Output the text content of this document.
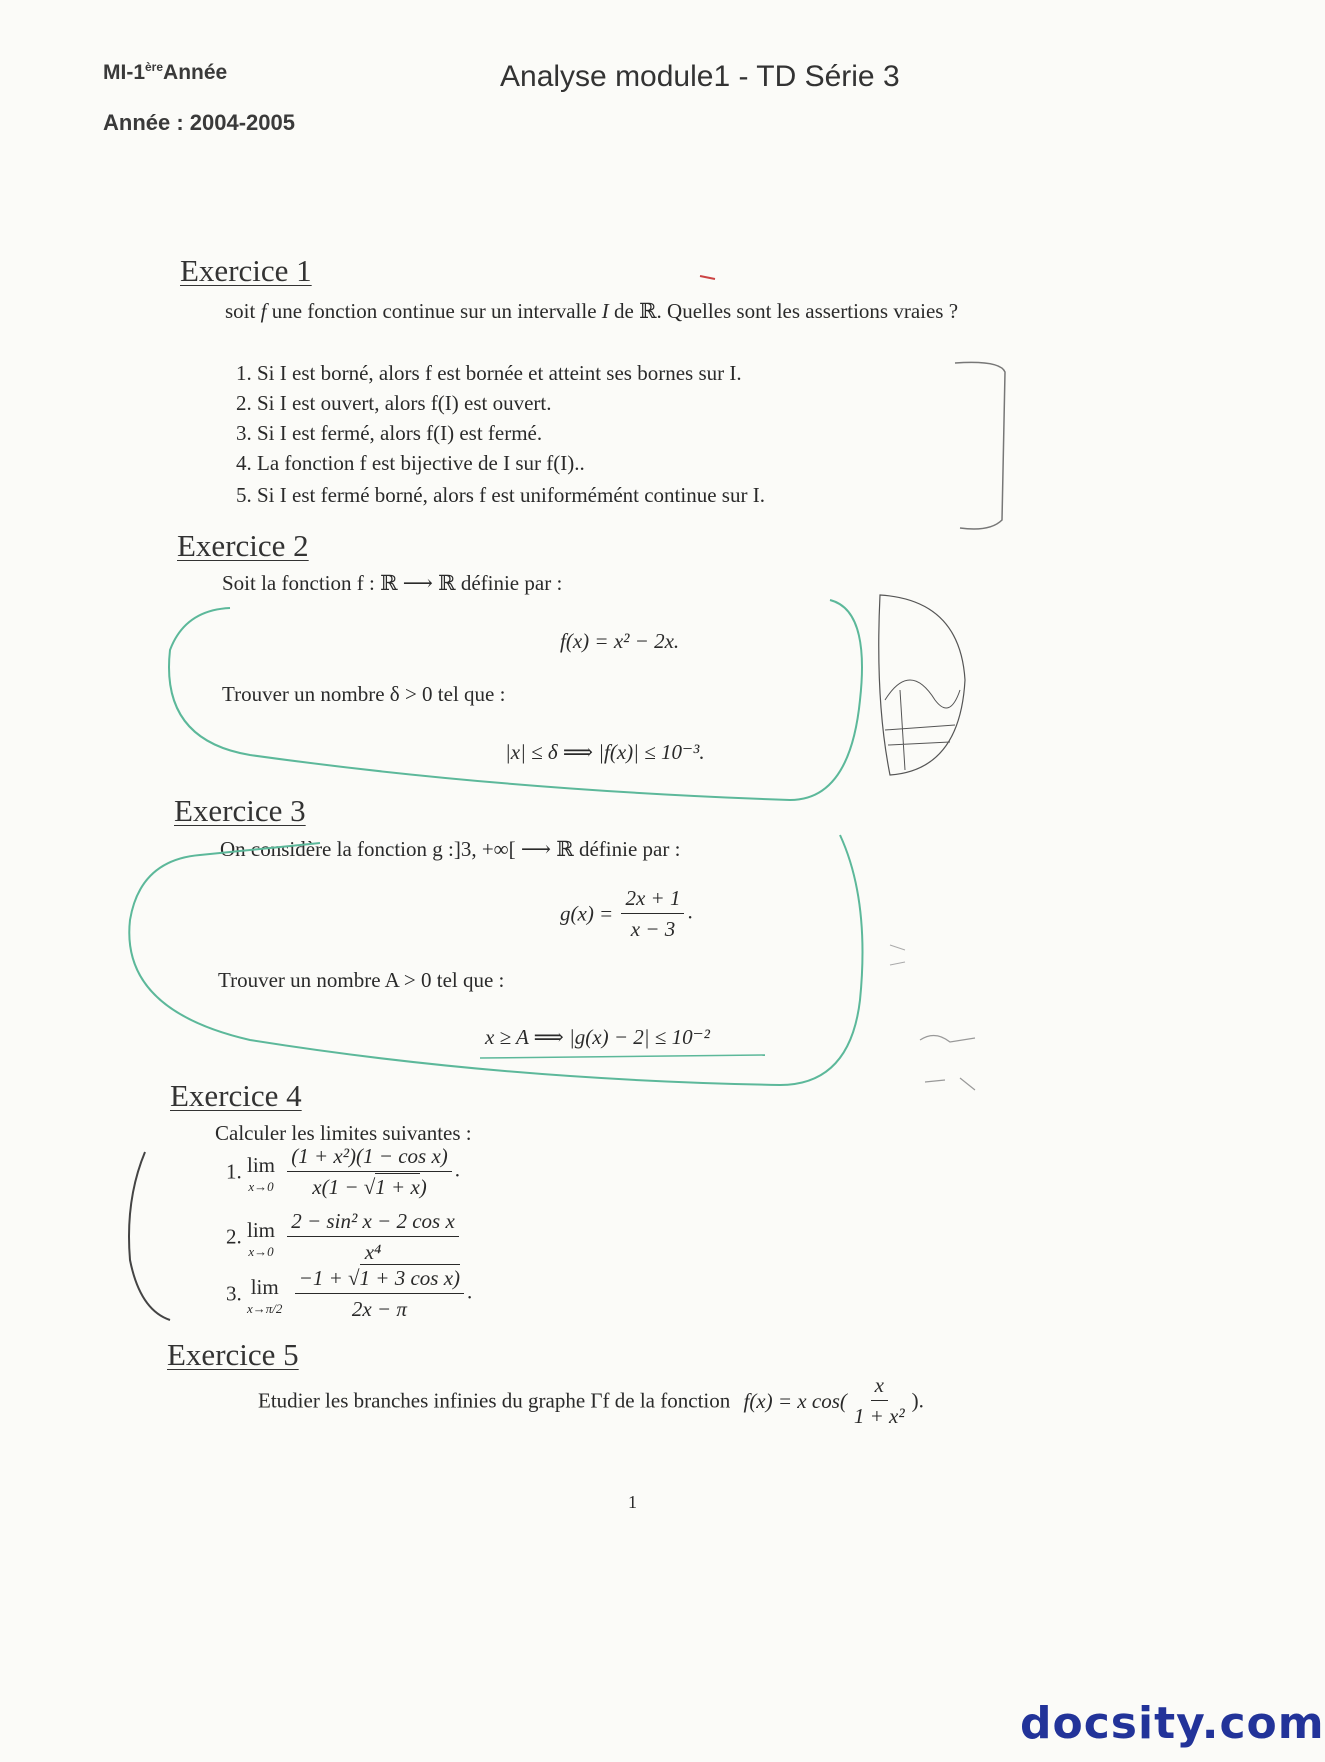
MI-1èreAnnée
Année : 2004-2005
Analyse module1 - TD Série 3
Exercice 1
soit f une fonction continue sur un intervalle I de ℝ. Quelles sont les assertions vraies ?
1. Si I est borné, alors f est bornée et atteint ses bornes sur I.
2. Si I est ouvert, alors f(I) est ouvert.
3. Si I est fermé, alors f(I) est fermé.
4. La fonction f est bijective de I sur f(I)..
5. Si I est fermé borné, alors f est uniformémént continue sur I.
Exercice 2
Soit la fonction f : ℝ ⟶ ℝ définie par :
f(x) = x² − 2x.
Trouver un nombre δ > 0 tel que :
|x| ≤ δ ⟹ |f(x)| ≤ 10⁻³.
Exercice 3
On considère la fonction g :]3, +∞[ ⟶ ℝ définie par :
$g(x) = \frac{2x + 1}{x - 3}$ .
Trouver un nombre A > 0 tel que :
x ≥ A ⟹ |g(x) − 2| ≤ 10⁻²
Exercice 4
Calculer les limites suivantes :
1. lim
x→0
$\frac{\text{(1 + x²)(1 − cos x)}}{x(1 - √1 + x)}$ .
2. lim
x→0
$\frac{\text{2 − sin² x − 2 cos x}}{\text{x⁴}}$
3. lim
x→π/2
$\frac{\text{−1 + √1 + 3 cos x)}}{2x - \pi}$ .
Exercice 5
Etudier les branches infinies du graphe Γf de la fonction f(x) = x $\cos( \frac{x}{\text{1 + x²}}$ ).
1
docsity.com
